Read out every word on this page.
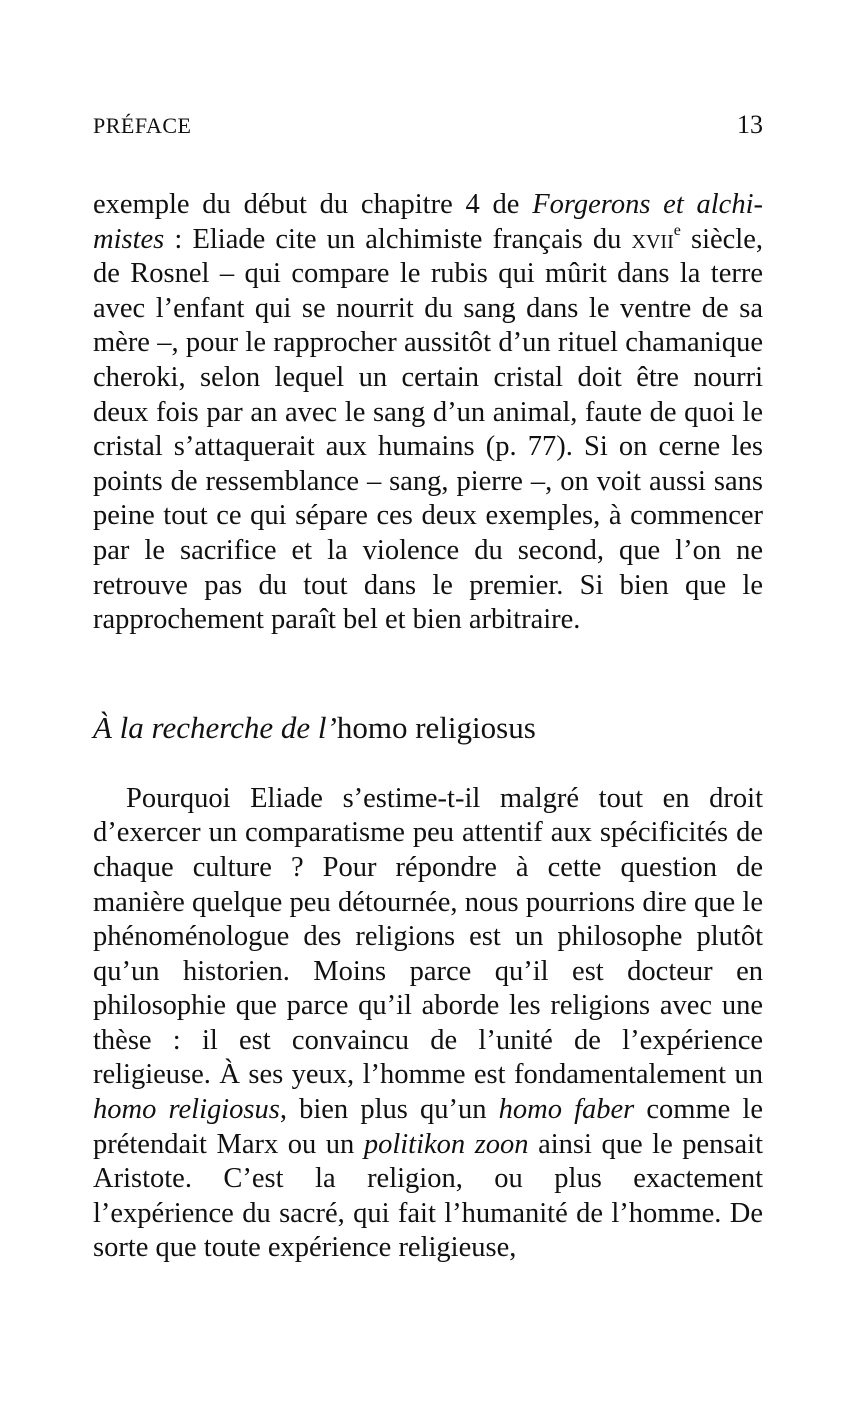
PRÉFACE	13

exemple du début du chapitre 4 de Forgerons et alchimistes : Eliade cite un alchimiste français du xvii$^e$ siècle, de Rosnel – qui compare le rubis qui mûrit dans la terre avec l’enfant qui se nourrit du sang dans le ventre de sa mère –, pour le rapprocher aussitôt d’un rituel chamanique cheroki, selon lequel un certain cristal doit être nourri deux fois par an avec le sang d’un animal, faute de quoi le cristal s’attaquerait aux humains (p. 77). Si on cerne les points de ressemblance – sang, pierre –, on voit aussi sans peine tout ce qui sépare ces deux exemples, à commencer par le sacrifice et la violence du second, que l’on ne retrouve pas du tout dans le premier. Si bien que le rapprochement paraît bel et bien arbitraire.

À la recherche de l’homo religiosus

Pourquoi Eliade s’estime-t-il malgré tout en droit d’exercer un comparatisme peu attentif aux spécificités de chaque culture ? Pour répondre à cette question de manière quelque peu détournée, nous pourrions dire que le phénoménologue des religions est un philosophe plutôt qu’un historien. Moins parce qu’il est docteur en philosophie que parce qu’il aborde les religions avec une thèse : il est convaincu de l’unité de l’expérience religieuse. À ses yeux, l’homme est fondamentalement un homo religiosus, bien plus qu’un homo faber comme le prétendait Marx ou un politikon zoon ainsi que le pensait Aristote. C’est la religion, ou plus exactement l’expérience du sacré, qui fait l’humanité de l’homme. De sorte que toute expérience religieuse,
